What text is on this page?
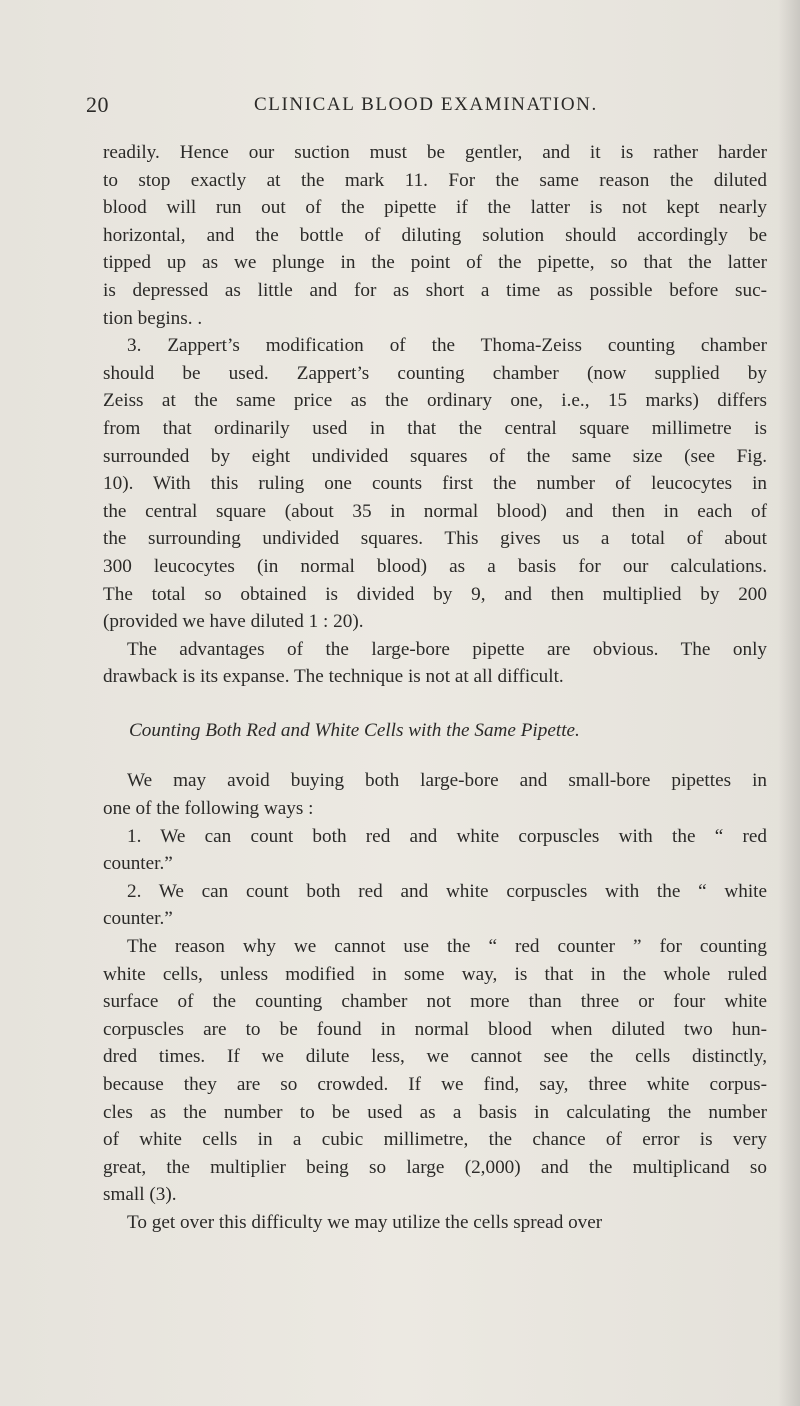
20	CLINICAL BLOOD EXAMINATION.
readily. Hence our suction must be gentler, and it is rather harder
to stop exactly at the mark 11. For the same reason the diluted
blood will run out of the pipette if the latter is not kept nearly
horizontal, and the bottle of diluting solution should accordingly be
tipped up as we plunge in the point of the pipette, so that the latter
is depressed as little and for as short a time as possible before suc-
tion begins. .
3. Zappert’s modification of the Thoma-Zeiss counting chamber
should be used. Zappert’s counting chamber (now supplied by
Zeiss at the same price as the ordinary one, i.e., 15 marks) differs
from that ordinarily used in that the central square millimetre is
surrounded by eight undivided squares of the same size (see Fig.
10). With this ruling one counts first the number of leucocytes in
the central square (about 35 in normal blood) and then in each of
the surrounding undivided squares. This gives us a total of about
300 leucocytes (in normal blood) as a basis for our calculations.
The total so obtained is divided by 9, and then multiplied by 200
(provided we have diluted 1 : 20).
The advantages of the large-bore pipette are obvious. The only
drawback is its expanse. The technique is not at all difficult.
Counting Both Red and White Cells with the Same Pipette.
We may avoid buying both large-bore and small-bore pipettes in
one of the following ways :
1. We can count both red and white corpuscles with the “ red
counter.”
2. We can count both red and white corpuscles with the “ white
counter.”
The reason why we cannot use the “ red counter ” for counting
white cells, unless modified in some way, is that in the whole ruled
surface of the counting chamber not more than three or four white
corpuscles are to be found in normal blood when diluted two hun-
dred times. If we dilute less, we cannot see the cells distinctly,
because they are so crowded. If we find, say, three white corpus-
cles as the number to be used as a basis in calculating the number
of white cells in a cubic millimetre, the chance of error is very
great, the multiplier being so large (2,000) and the multiplicand so
small (3).
To get over this difficulty we may utilize the cells spread over
